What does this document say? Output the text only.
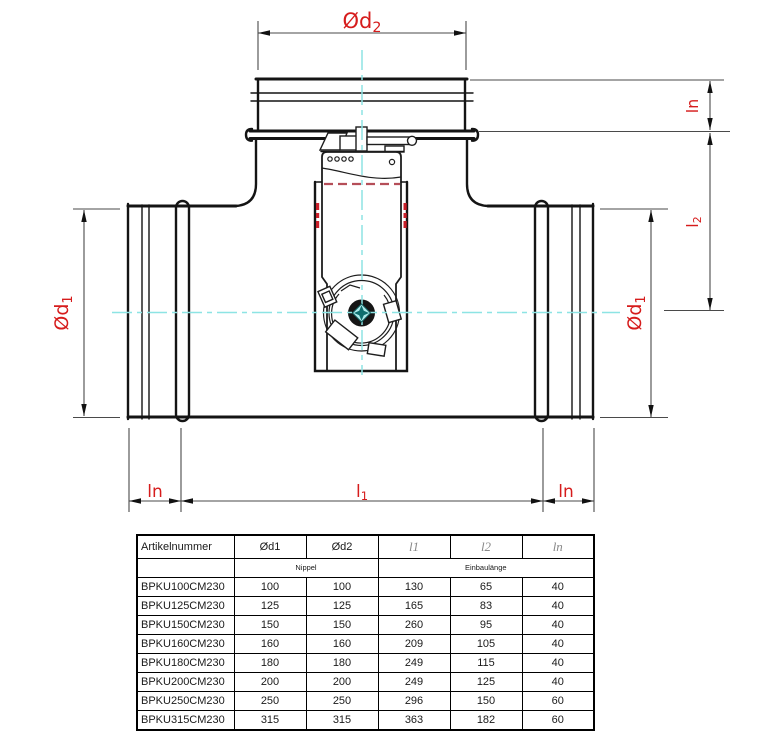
Ød2
$Ød_1$
$Ød_1$
ln
l2
ln	l1	ln
Artikelnummer	Ød1	Ød2	l1	l2	ln
	Nippel		Einbaulänge		
BPKU100CM230	100	100	130	65	40
BPKU125CM230	125	125	165	83	40
BPKU150CM230	150	150	260	95	40
BPKU160CM230	160	160	209	105	40
BPKU180CM230	180	180	249	115	40
BPKU200CM230	200	200	249	125	40
BPKU250CM230	250	250	296	150	60
BPKU315CM230	315	315	363	182	60
